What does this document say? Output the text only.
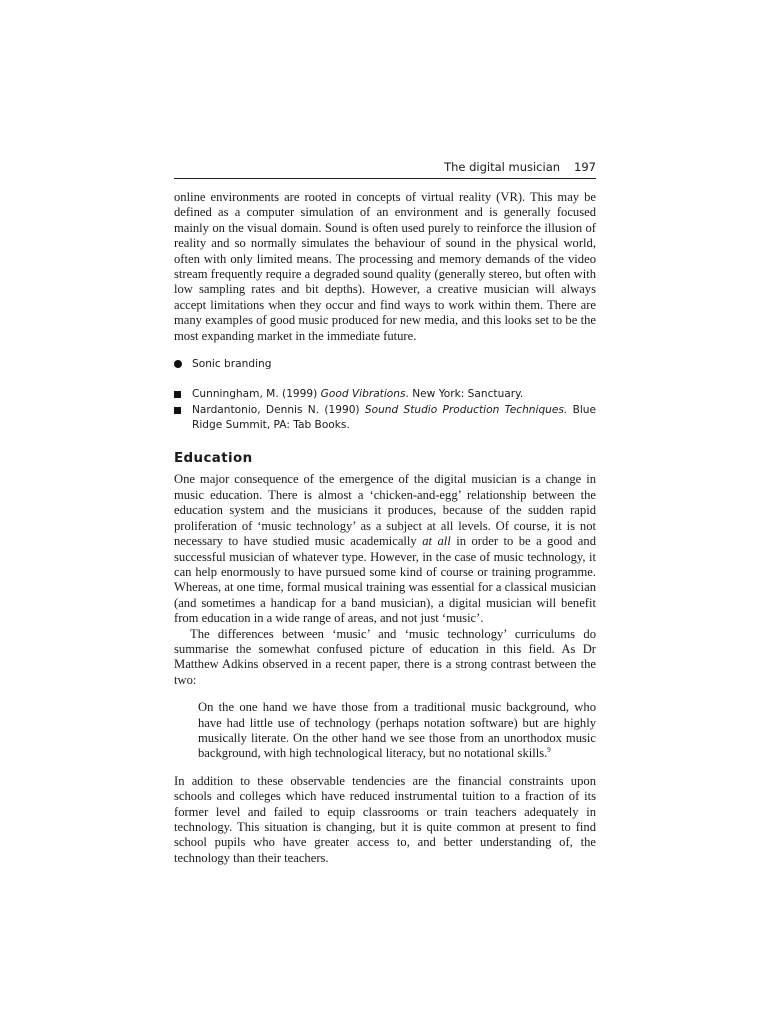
The digital musician 197

online environments are rooted in concepts of virtual reality (VR). This may be defined as a computer simulation of an environment and is generally focused mainly on the visual domain. Sound is often used purely to reinforce the illusion of reality and so normally simulates the behaviour of sound in the physical world, often with only limited means. The processing and memory demands of the video stream frequently require a degraded sound quality (generally stereo, but often with low sampling rates and bit depths). However, a creative musician will always accept limitations when they occur and find ways to work within them. There are many examples of good music produced for new media, and this looks set to be the most expanding market in the immediate future.

Sonic branding
Cunningham, M. (1999) Good Vibrations. New York: Sanctuary.
Nardantonio, Dennis N. (1990) Sound Studio Production Techniques. Blue Ridge Summit, PA: Tab Books.
Education

One major consequence of the emergence of the digital musician is a change in music education. There is almost a ‘chicken-and-egg’ relationship between the education system and the musicians it produces, because of the sudden rapid proliferation of ‘music technology’ as a subject at all levels. Of course, it is not necessary to have studied music academically at all in order to be a good and successful musician of whatever type. However, in the case of music technology, it can help enormously to have pursued some kind of course or training programme. Whereas, at one time, formal musical training was essential for a classical musician (and sometimes a handicap for a band musician), a digital musician will benefit from education in a wide range of areas, and not just ‘music’.

The differences between ‘music’ and ‘music technology’ curriculums do summarise the somewhat confused picture of education in this field. As Dr Matthew Adkins observed in a recent paper, there is a strong contrast between the two:

On the one hand we have those from a traditional music background, who have had little use of technology (perhaps notation software) but are highly musically literate. On the other hand we see those from an unorthodox music background, with high technological literacy, but no notational skills.$^9$

In addition to these observable tendencies are the financial constraints upon schools and colleges which have reduced instrumental tuition to a fraction of its former level and failed to equip classrooms or train teachers adequately in technology. This situation is changing, but it is quite common at present to find school pupils who have greater access to, and better understanding of, the technology than their teachers.
